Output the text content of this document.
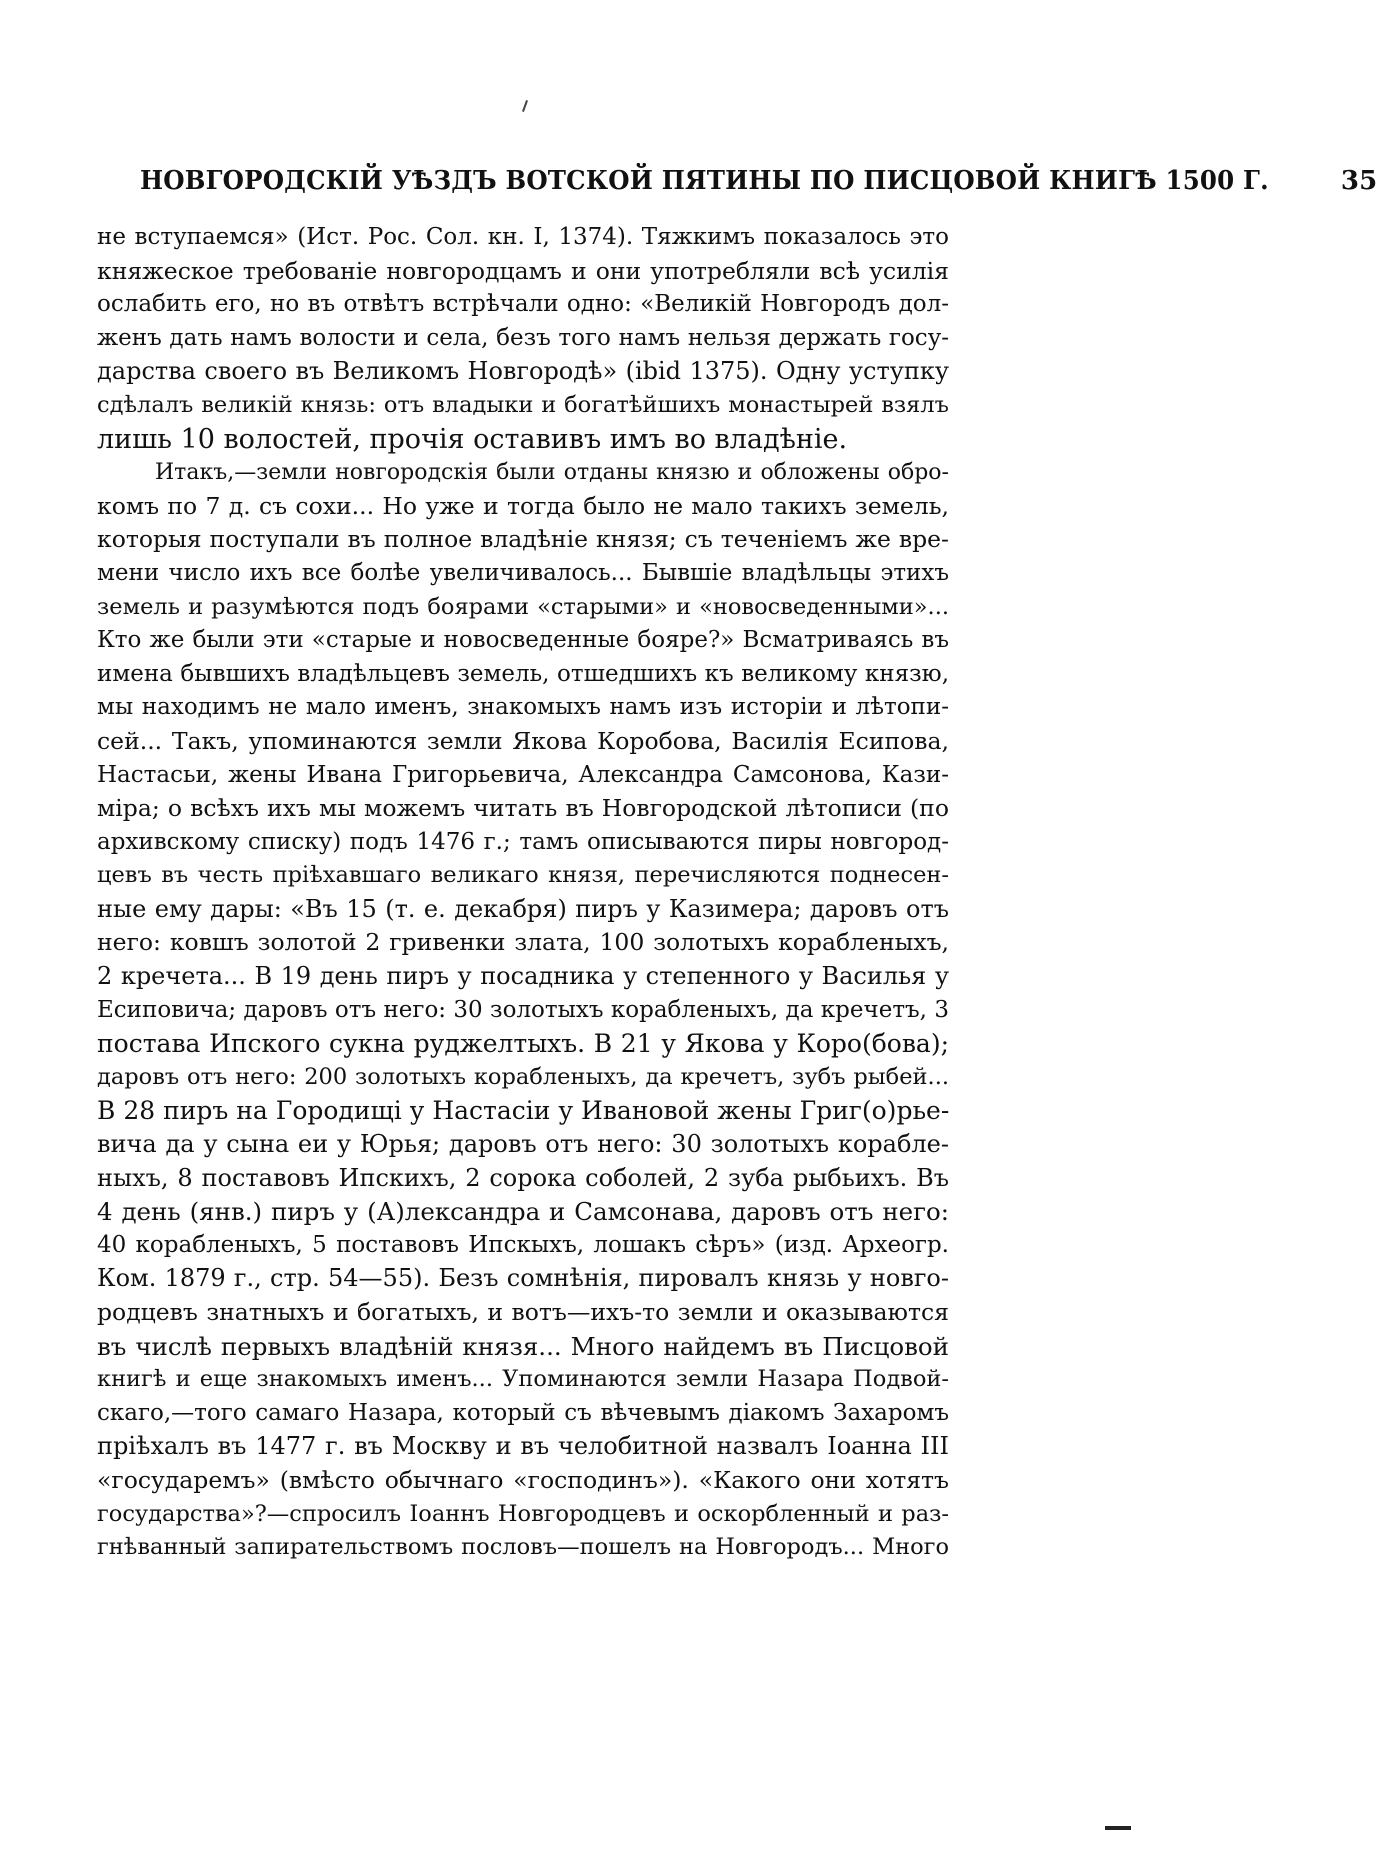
НОВГОРОДСКІЙ УѢЗДЪ ВОТСКОЙ ПЯТИНЫ ПО ПИСЦОВОЙ КНИГѢ 1500 Г.	35
не вступаемся» (Ист. Рос. Сол. кн. I, 1374). Тяжкимъ показалось это
княжеское требованіе новгородцамъ и они употребляли всѣ усилія
ослабить его, но въ отвѣтъ встрѣчали одно: «Великій Новгородъ дол-
женъ дать намъ волости и села, безъ того намъ нельзя держать госу-
дарства своего въ Великомъ Новгородѣ» (ibid 1375). Одну уступку
сдѣлалъ великій князь: отъ владыки и богатѣйшихъ монастырей взялъ
лишь 10 волостей, прочія оставивъ имъ во владѣніе.
Итакъ,—земли новгородскія были отданы князю и обложены обро-
комъ по 7 д. съ сохи... Но уже и тогда было не мало такихъ земель,
которыя поступали въ полное владѣніе князя; съ теченіемъ же вре-
мени число ихъ все болѣе увеличивалось... Бывшіе владѣльцы этихъ
земель и разумѣются подъ боярами «старыми» и «новосведенными»...
Кто же были эти «старые и новосведенные бояре?» Всматриваясь въ
имена бывшихъ владѣльцевъ земель, отшедшихъ къ великому князю,
мы находимъ не мало именъ, знакомыхъ намъ изъ исторіи и лѣтопи-
сей... Такъ, упоминаются земли Якова Коробова, Василія Есипова,
Настасьи, жены Ивана Григорьевича, Александра Самсонова, Кази-
міра; о всѣхъ ихъ мы можемъ читать въ Новгородской лѣтописи (по
архивскому списку) подъ 1476 г.; тамъ описываются пиры новгород-
цевъ въ честь пріѣхавшаго великаго князя, перечисляются поднесен-
ные ему дары: «Въ 15 (т. е. декабря) пиръ у Казимера; даровъ отъ
него: ковшъ золотой 2 гривенки злата, 100 золотыхъ корабленыхъ,
2 кречета... В 19 день пиръ у посадника у степенного у Василья у
Есиповича; даровъ отъ него: 30 золотыхъ корабленыхъ, да кречетъ, 3
постава Ипского сукна руджелтыхъ. В 21 у Якова у Коро(бова);
даровъ отъ него: 200 золотыхъ корабленыхъ, да кречетъ, зубъ рыбей...
В 28 пиръ на Городищі у Настасіи у Ивановой жены Григ(о)рье-
вича да у сына еи у Юрья; даровъ отъ него: 30 золотыхъ корабле-
ныхъ, 8 поставовъ Ипскихъ, 2 сорока соболей, 2 зуба рыбьихъ. Въ
4 день (янв.) пиръ у (А)лександра и Самсонава, даровъ отъ него:
40 корабленыхъ, 5 поставовъ Ипскыхъ, лошакъ сѣръ» (изд. Археогр.
Ком. 1879 г., стр. 54—55). Безъ сомнѣнія, пировалъ князь у новго-
родцевъ знатныхъ и богатыхъ, и вотъ—ихъ-то земли и оказываются
въ числѣ первыхъ владѣній князя... Много найдемъ въ Писцовой
книгѣ и еще знакомыхъ именъ... Упоминаются земли Назара Подвой-
скаго,—того самаго Назара, который съ вѣчевымъ діакомъ Захаромъ
пріѣхалъ въ 1477 г. въ Москву и въ челобитной назвалъ Іоанна III
«государемъ» (вмѣсто обычнаго «господинъ»). «Какого они хотятъ
государства»?—спросилъ Іоаннъ Новгородцевъ и оскорбленный и раз-
гнѣванный запирательствомъ пословъ—пошелъ на Новгородъ... Много
